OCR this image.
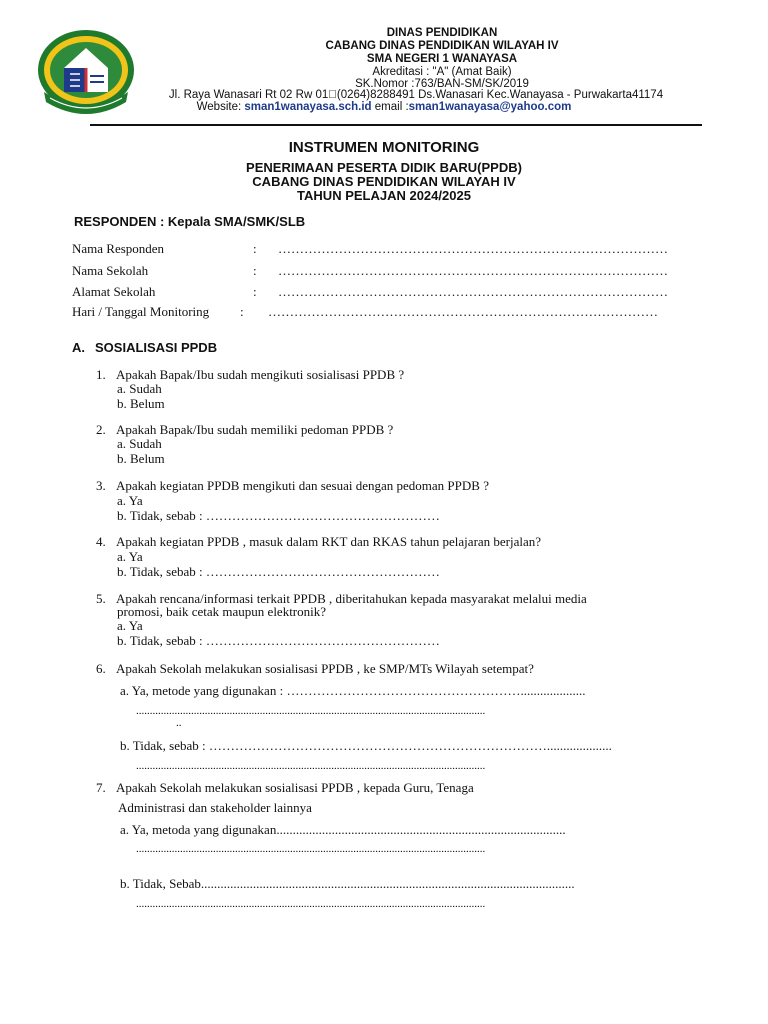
DINAS PENDIDIKAN
CABANG DINAS PENDIDIKAN WILAYAH IV
SMA NEGERI 1 WANAYASA
Akreditasi : "A" (Amat Baik)
SK.Nomor :763/BAN-SM/SK/2019
Jl. Raya Wanasari Rt 02 Rw 01 (0264)8288491 Ds.Wanasari Kec.Wanayasa - Purwakarta41174
Website: sman1wanayasa.sch.id email :sman1wanayasa@yahoo.com
INSTRUMEN MONITORING
PENERIMAAN PESERTA DIDIK BARU(PPDB)
CABANG DINAS PENDIDIKAN WILAYAH IV
TAHUN PELAJAN 2024/2025
RESPONDEN : Kepala SMA/SMK/SLB
Nama Responden	: ………………………………………………………………………………
Nama Sekolah	: ………………………………………………………………………………
Alamat Sekolah	: ………………………………………………………………………………
Hari / Tanggal Monitoring : ………………………………………………………………………………
A. SOSIALISASI PPDB
1. Apakah Bapak/Ibu sudah mengikuti sosialisasi PPDB ?
a. Sudah
b. Belum
2. Apakah Bapak/Ibu sudah memiliki pedoman PPDB ?
a. Sudah
b. Belum
3. Apakah kegiatan PPDB mengikuti dan sesuai dengan pedoman PPDB ?
a. Ya
b. Tidak, sebab : ………………………………………………
4. Apakah kegiatan PPDB , masuk dalam RKT dan RKAS tahun pelajaran berjalan?
a. Ya
b. Tidak, sebab : ………………………………………………
5. Apakah rencana/informasi terkait PPDB , diberitahukan kepada masyarakat melalui media
promosi, baik cetak maupun elektronik?
a. Ya
b. Tidak, sebab : ………………………………………………
6. Apakah Sekolah melakukan sosialisasi PPDB , ke SMP/MTs Wilayah setempat?
a. Ya, metode yang digunakan : ………………………………………………....................
...............................................................................................................................
..
b. Tidak, sebab : ……………………………………………………………………....................
...............................................................................................................................
7. Apakah Sekolah melakukan sosialisasi PPDB , kepada Guru, Tenaga
Administrasi dan stakeholder lainnya
a. Ya, metoda yang digunakan.........................................................................................
...............................................................................................................................
b. Tidak, Sebab...................................................................................................................
...............................................................................................................................
